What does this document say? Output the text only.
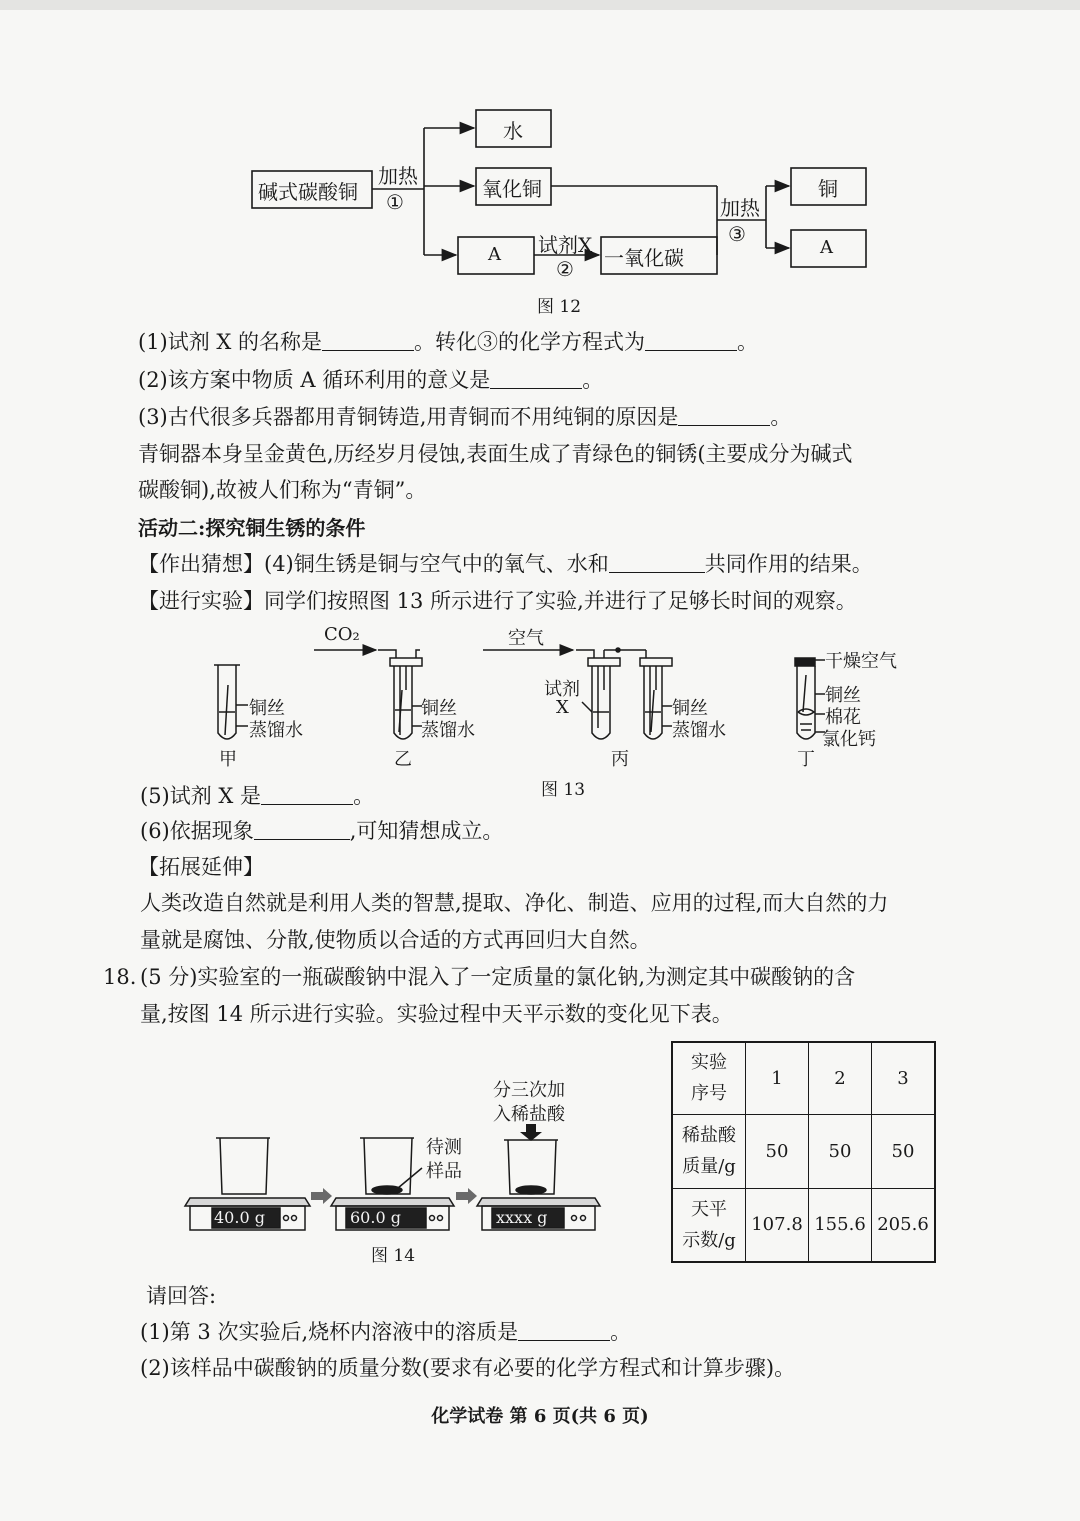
碱式碳酸铜
加热
①
水
氧化铜
A 试剂X
② 一氧化碳
加热
③
铜
A
图 12
(1)试剂 X 的名称是	。转化③的化学方程式为	。
(2)该方案中物质 A 循环利用的意义是	。
(3)古代很多兵器都用青铜铸造,用青铜而不用纯铜的原因是	。
青铜器本身呈金黄色,历经岁月侵蚀,表面生成了青绿色的铜锈(主要成分为碱式
碳酸铜),故被人们称为“青铜”。
活动二:探究铜生锈的条件
【作出猜想】(4)铜生锈是铜与空气中的氧气、水和	共同作用的结果。
【进行实验】同学们按照图 13 所示进行了实验,并进行了足够长时间的观察。
CO₂	空气
铜丝
蒸馏水
甲
铜丝
蒸馏水
乙
试剂
X	铜丝
蒸馏水
丙
干燥空气
铜丝
棉花
氯化钙
丁
图 13
(5)试剂 X 是	。
(6)依据现象	,可知猜想成立。
【拓展延伸】
人类改造自然就是利用人类的智慧,提取、净化、制造、应用的过程,而大自然的力
量就是腐蚀、分散,使物质以合适的方式再回归大自然。
18. (5 分)实验室的一瓶碳酸钠中混入了一定质量的氯化钠,为测定其中碳酸钠的含
量,按图 14 所示进行实验。实验过程中天平示数的变化见下表。
分三次加
入稀盐酸
待测
样品
40.0 g	60.0 g	xxxx g
图 14
实验
序号	1	2	3

稀盐酸
质量/g	50	50	50

天平
示数/g	107.8	155.6	205.6
请回答:
(1)第 3 次实验后,烧杯内溶液中的溶质是	。
(2)该样品中碳酸钠的质量分数(要求有必要的化学方程式和计算步骤)。
化学试卷 第 6 页(共 6 页)
